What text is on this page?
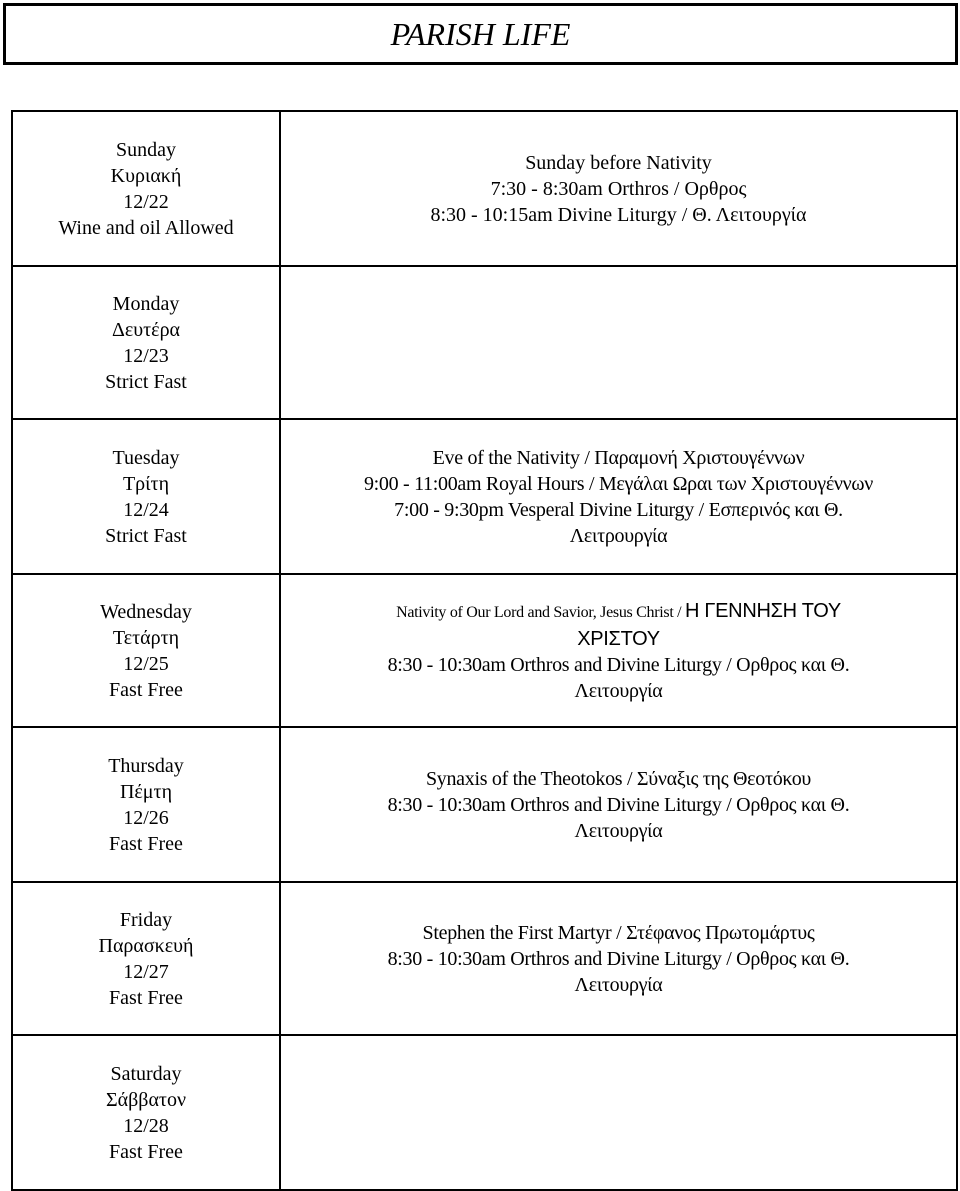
PARISH LIFE
Sunday
Κυριακή
12/22
Wine and oil Allowed	Sunday before Nativity
7:30 - 8:30am Orthros / Ορθρος
8:30 - 10:15am Divine Liturgy / Θ. Λειτουργία

Monday
Δευτέρα
12/23
Strict Fast	

Tuesday
Τρίτη
12/24
Strict Fast	Eve of the Nativity / Παραμονή Χριστουγέννων
9:00 - 11:00am Royal Hours / Μεγάλαι Ωραι των Χριστουγέννων
7:00 - 9:30pm Vesperal Divine Liturgy / Εσπερινός και Θ.
Λειτρουργία

Wednesday
Τετάρτη
12/25
Fast Free	Nativity of Our Lord and Savior, Jesus Christ / Η ΓΕΝΝΗΣΗ ΤΟΥ
ΧΡΙΣΤΟΥ
8:30 - 10:30am Orthros and Divine Liturgy / Ορθρος και Θ.
Λειτουργία

Thursday
Πέμτη
12/26
Fast Free	Synaxis of the Theotokos / Σύναξις της Θεοτόκου
8:30 - 10:30am Orthros and Divine Liturgy / Ορθρος και Θ.
Λειτουργία

Friday
Παρασκευή
12/27
Fast Free	Stephen the First Martyr / Στέφανος Πρωτομάρτυς
8:30 - 10:30am Orthros and Divine Liturgy / Ορθρος και Θ.
Λειτουργία

Saturday
Σάββατον
12/28
Fast Free	
